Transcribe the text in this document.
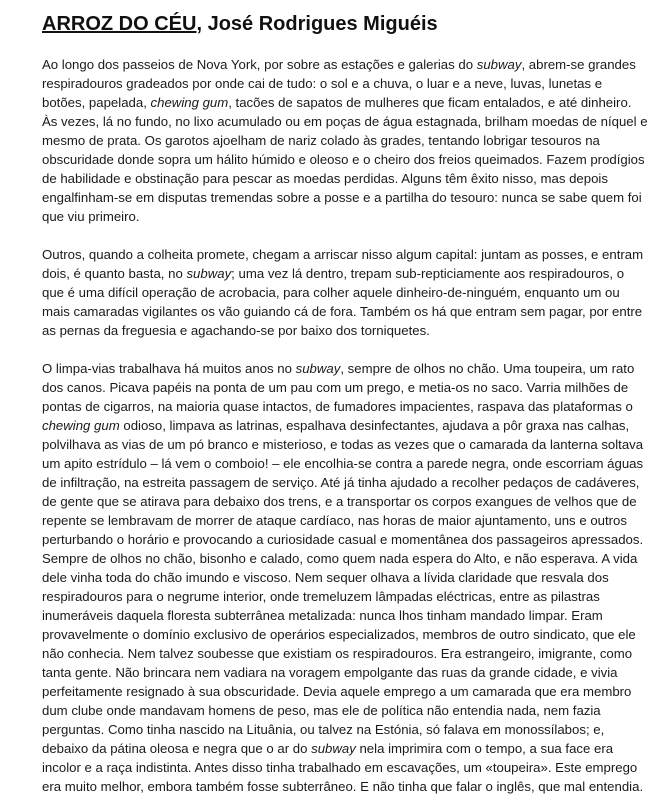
ARROZ DO CÉU, José Rodrigues Miguéis

Ao longo dos passeios de Nova York, por sobre as estações e galerias do subway, abrem-se grandes respiradouros gradeados por onde cai de tudo: o sol e a chuva, o luar e a neve, luvas, lunetas e botões, papelada, chewing gum, tacões de sapatos de mulheres que ficam entalados, e até dinheiro. Às vezes, lá no fundo, no lixo acumulado ou em poças de água estagnada, brilham moedas de níquel e mesmo de prata. Os garotos ajoelham de nariz colado às grades, tentando lobrigar tesouros na obscuridade donde sopra um hálito húmido e oleoso e o cheiro dos freios queimados. Fazem prodígios de habilidade e obstinação para pescar as moedas perdidas. Alguns têm êxito nisso, mas depois engalfinham-se em disputas tremendas sobre a posse e a partilha do tesouro: nunca se sabe quem foi que viu primeiro.

Outros, quando a colheita promete, chegam a arriscar nisso algum capital: juntam as posses, e entram dois, é quanto basta, no subway; uma vez lá dentro, trepam sub-repticiamente aos respiradouros, o que é uma difícil operação de acrobacia, para colher aquele dinheiro-de-ninguém, enquanto um ou mais camaradas vigilantes os vão guiando cá de fora. Também os há que entram sem pagar, por entre as pernas da freguesia e agachando-se por baixo dos torniquetes.

O limpa-vias trabalhava há muitos anos no subway, sempre de olhos no chão. Uma toupeira, um rato dos canos. Picava papéis na ponta de um pau com um prego, e metia-os no saco. Varria milhões de pontas de cigarros, na maioria quase intactos, de fumadores impacientes, raspava das plataformas o chewing gum odioso, limpava as latrinas, espalhava desinfectantes, ajudava a pôr graxa nas calhas, polvilhava as vias de um pó branco e misterioso, e todas as vezes que o camarada da lanterna soltava um apito estrídulo – lá vem o comboio! – ele encolhia-se contra a parede negra, onde escorriam águas de infiltração, na estreita passagem de serviço. Até já tinha ajudado a recolher pedaços de cadáveres, de gente que se atirava para debaixo dos trens, e a transportar os corpos exangues de velhos que de repente se lembravam de morrer de ataque cardíaco, nas horas de maior ajuntamento, uns e outros perturbando o horário e provocando a curiosidade casual e momentânea dos passageiros apressados. Sempre de olhos no chão, bisonho e calado, como quem nada espera do Alto, e não esperava. A vida dele vinha toda do chão imundo e viscoso. Nem sequer olhava a lívida claridade que resvala dos respiradouros para o negrume interior, onde tremeluzem lâmpadas eléctricas, entre as pilastras inumeráveis daquela floresta subterrânea metalizada: nunca lhos tinham mandado limpar. Eram provavelmente o domínio exclusivo de operários especializados, membros de outro sindicato, que ele não conhecia. Nem talvez soubesse que existiam os respiradouros. Era estrangeiro, imigrante, como tanta gente. Não brincara nem vadiara na voragem empolgante das ruas da grande cidade, e vivia perfeitamente resignado à sua obscuridade. Devia aquele emprego a um camarada que era membro dum clube onde mandavam homens de peso, mas ele de política não entendia nada, nem fazia perguntas. Como tinha nascido na Lituânia, ou talvez na Estónia, só falava em monossílabos; e, debaixo da pátina oleosa e negra que o ar do subway nela imprimira com o tempo, a sua face era incolor e a raça indistinta. Antes disso tinha trabalhado em escavações, um «toupeira». Este emprego era muito melhor, embora também fosse subterrâneo. E não tinha que falar o inglês, que mal entendia.
